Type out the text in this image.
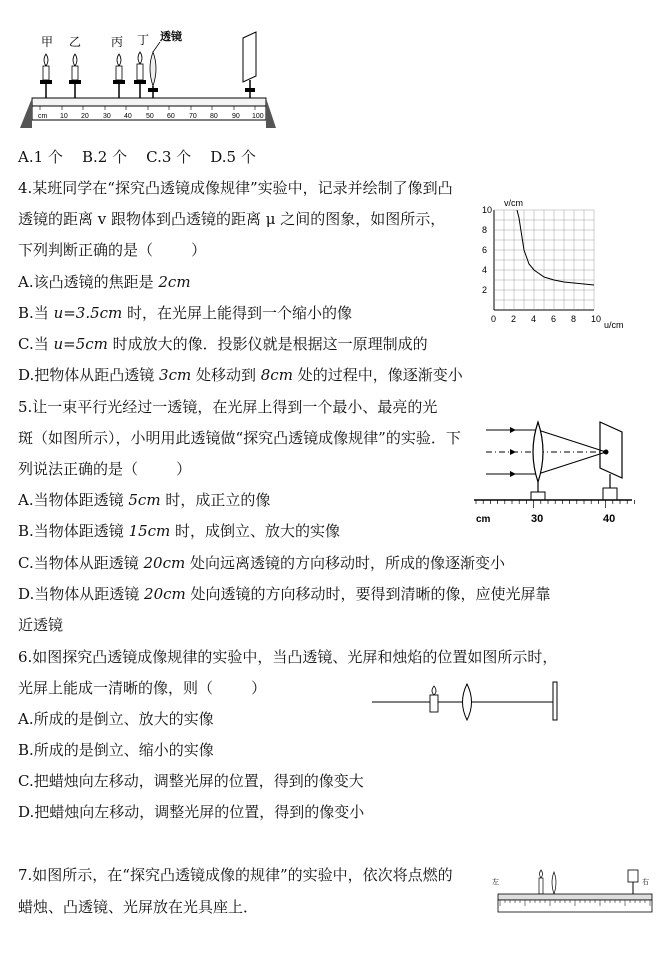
甲 乙 丙 丁 透镜
cm 10 20 30 40 50 60 70 80 90 100
A.1 个    B.2 个    C.3 个    D.5 个
4.某班同学在“探究凸透镜成像规律”实验中，记录并绘制了像到凸
透镜的距离 v 跟物体到凸透镜的距离 μ 之间的图象，如图所示，
下列判断正确的是（        ）
A.该凸透镜的焦距是 2cm
B.当 u=3.5cm 时，在光屏上能得到一个缩小的像
C.当 u=5cm 时成放大的像．投影仪就是根据这一原理制成的
D.把物体从距凸透镜 3cm 处移动到 8cm 处的过程中，像逐渐变小
0 2 4 6 8 10
2
4
6
8
10
v/cm
u/cm
5.让一束平行光经过一透镜，在光屏上得到一个最小、最亮的光
斑（如图所示），小明用此透镜做“探究凸透镜成像规律”的实验．下
列说法正确的是（        ）
A.当物体距透镜 5cm 时，成正立的像
B.当物体距透镜 15cm 时，成倒立、放大的实像
C.当物体从距透镜 20cm 处向远离透镜的方向移动时，所成的像逐渐变小
D.当物体从距透镜 20cm 处向透镜的方向移动时，要得到清晰的像，应使光屏靠
近透镜
cm	30	40
6.如图探究凸透镜成像规律的实验中，当凸透镜、光屏和烛焰的位置如图所示时，
光屏上能成一清晰的像，则（        ）
A.所成的是倒立、放大的实像
B.所成的是倒立、缩小的实像
C.把蜡烛向左移动，调整光屏的位置，得到的像变大
D.把蜡烛向左移动，调整光屏的位置，得到的像变小
7.如图所示，在“探究凸透镜成像的规律”的实验中，依次将点燃的
蜡烛、凸透镜、光屏放在光具座上．
左	右
